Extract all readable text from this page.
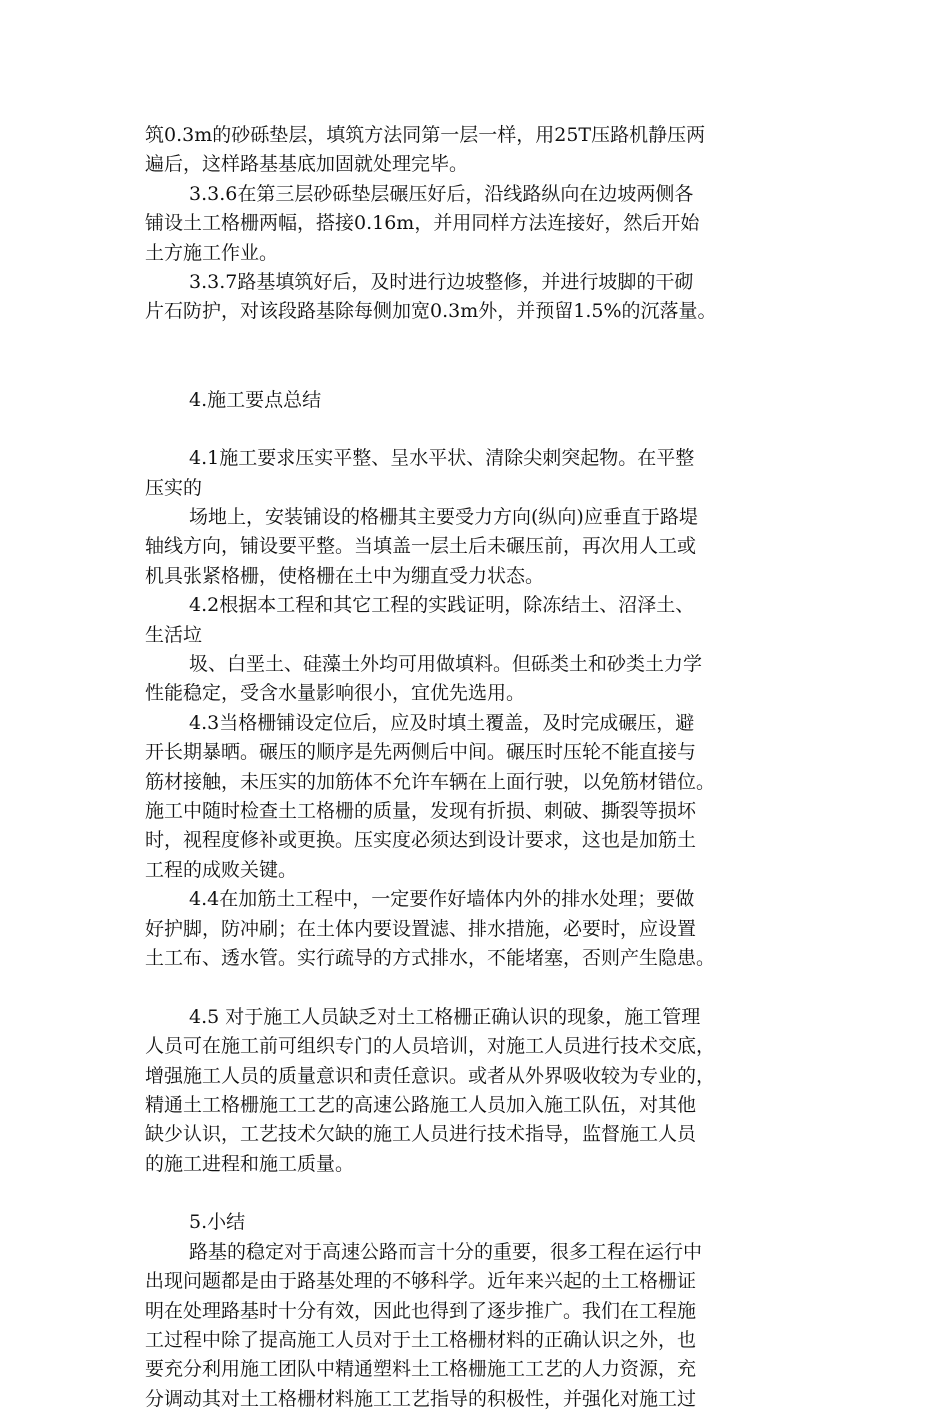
筑0.3m的砂砾垫层，填筑方法同第一层一样，用25T压路机静压两
遍后，这样路基基底加固就处理完毕。
3.3.6在第三层砂砾垫层碾压好后，沿线路纵向在边坡两侧各
铺设土工格栅两幅，搭接0.16m，并用同样方法连接好，然后开始
土方施工作业。
3.3.7路基填筑好后，及时进行边坡整修，并进行坡脚的干砌
片石防护，对该段路基除每侧加宽0.3m外，并预留1.5%的沉落量。
4.施工要点总结
4.1施工要求压实平整、呈水平状、清除尖刺突起物。在平整
压实的
场地上，安装铺设的格栅其主要受力方向(纵向)应垂直于路堤
轴线方向，铺设要平整。当填盖一层土后未碾压前，再次用人工或
机具张紧格栅，使格栅在土中为绷直受力状态。
4.2根据本工程和其它工程的实践证明，除冻结土、沼泽土、
生活垃
圾、白垩土、硅藻土外均可用做填料。但砾类土和砂类土力学
性能稳定，受含水量影响很小，宜优先选用。
4.3当格栅铺设定位后，应及时填土覆盖，及时完成碾压，避
开长期暴晒。碾压的顺序是先两侧后中间。碾压时压轮不能直接与
筋材接触，未压实的加筋体不允许车辆在上面行驶，以免筋材错位。
施工中随时检查土工格栅的质量，发现有折损、刺破、撕裂等损坏
时，视程度修补或更换。压实度必须达到设计要求，这也是加筋土
工程的成败关键。
4.4在加筋土工程中，一定要作好墙体内外的排水处理；要做
好护脚，防冲刷；在土体内要设置滤、排水措施，必要时，应设置
土工布、透水管。实行疏导的方式排水，不能堵塞，否则产生隐患。
4.5 对于施工人员缺乏对土工格栅正确认识的现象，施工管理
人员可在施工前可组织专门的人员培训，对施工人员进行技术交底，
增强施工人员的质量意识和责任意识。或者从外界吸收较为专业的，
精通土工格栅施工工艺的高速公路施工人员加入施工队伍，对其他
缺少认识，工艺技术欠缺的施工人员进行技术指导，监督施工人员
的施工进程和施工质量。
5.小结
路基的稳定对于高速公路而言十分的重要，很多工程在运行中
出现问题都是由于路基处理的不够科学。近年来兴起的土工格栅证
明在处理路基时十分有效，因此也得到了逐步推广。我们在工程施
工过程中除了提高施工人员对于土工格栅材料的正确认识之外，也
要充分利用施工团队中精通塑料土工格栅施工工艺的人力资源，充
分调动其对土工格栅材料施工工艺指导的积极性，并强化对施工过
